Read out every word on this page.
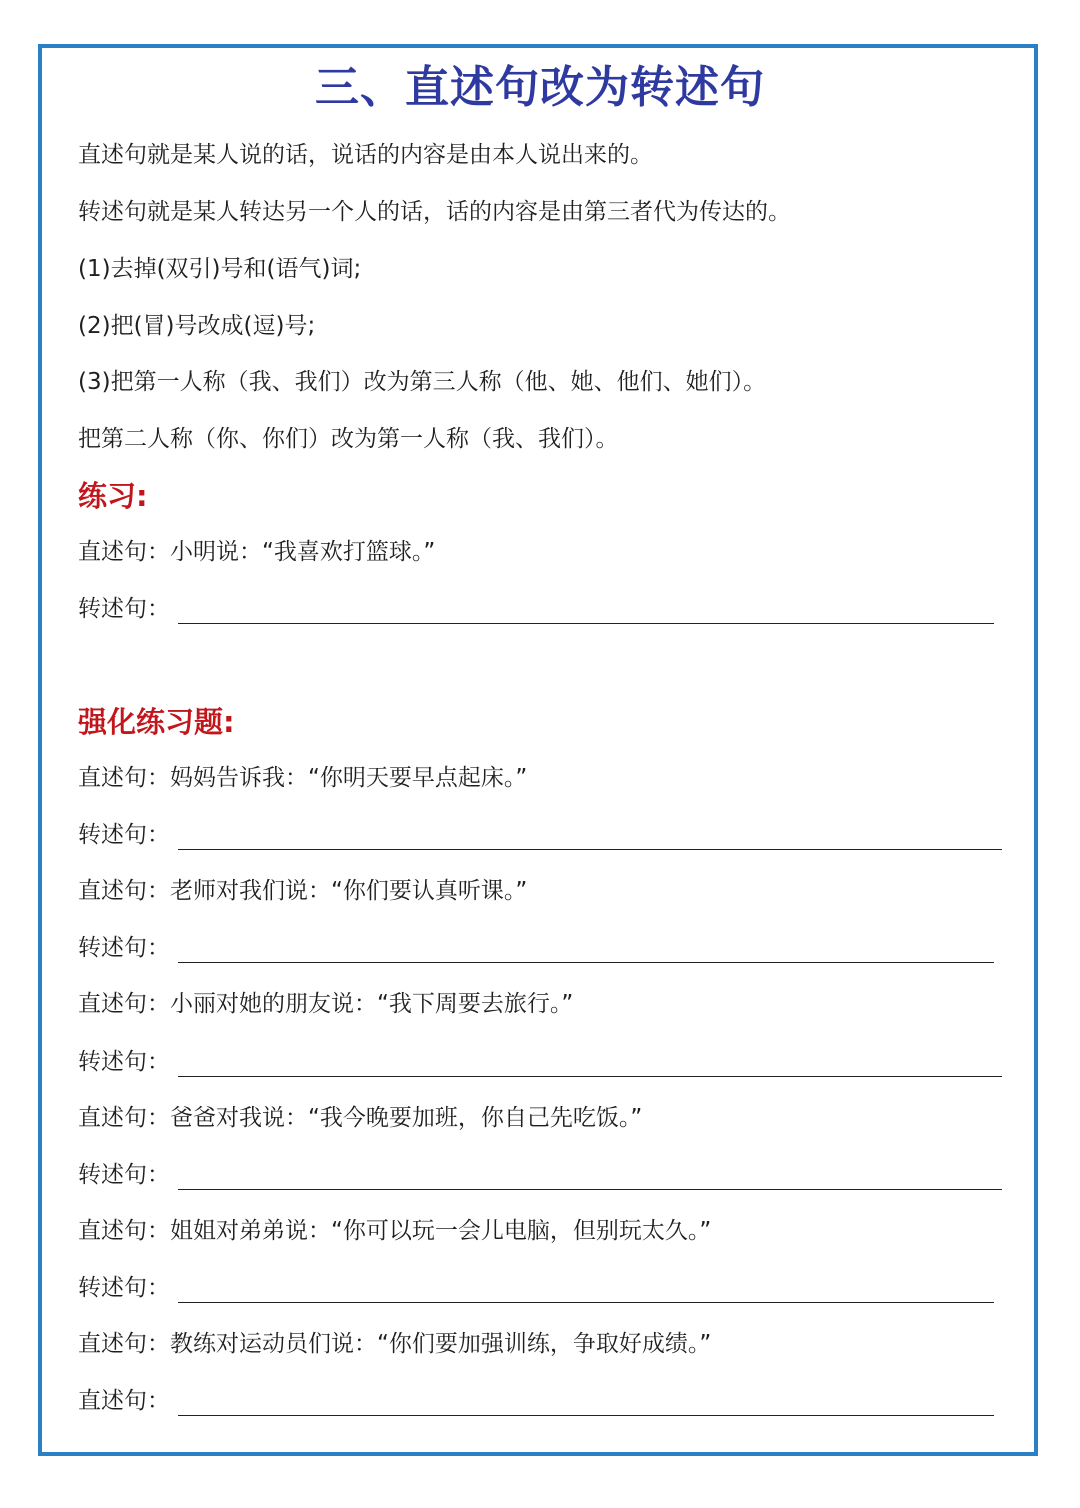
三、直述句改为转述句
直述句就是某人说的话，说话的内容是由本人说出来的。
转述句就是某人转达另一个人的话，话的内容是由第三者代为传达的。
(1)去掉(双引)号和(语气)词;
(2)把(冒)号改成(逗)号;
(3)把第一人称（我、我们）改为第三人称（他、她、他们、她们）。
把第二人称（你、你们）改为第一人称（我、我们）。
练习:
直述句：小明说：“我喜欢打篮球。”
转述句：
强化练习题:
直述句：妈妈告诉我：“你明天要早点起床。”
转述句：
直述句：老师对我们说：“你们要认真听课。”
转述句：
直述句：小丽对她的朋友说：“我下周要去旅行。”
转述句：
直述句：爸爸对我说：“我今晚要加班，你自己先吃饭。”
转述句：
直述句：姐姐对弟弟说：“你可以玩一会儿电脑，但别玩太久。”
转述句：
直述句：教练对运动员们说：“你们要加强训练，争取好成绩。”
直述句：
